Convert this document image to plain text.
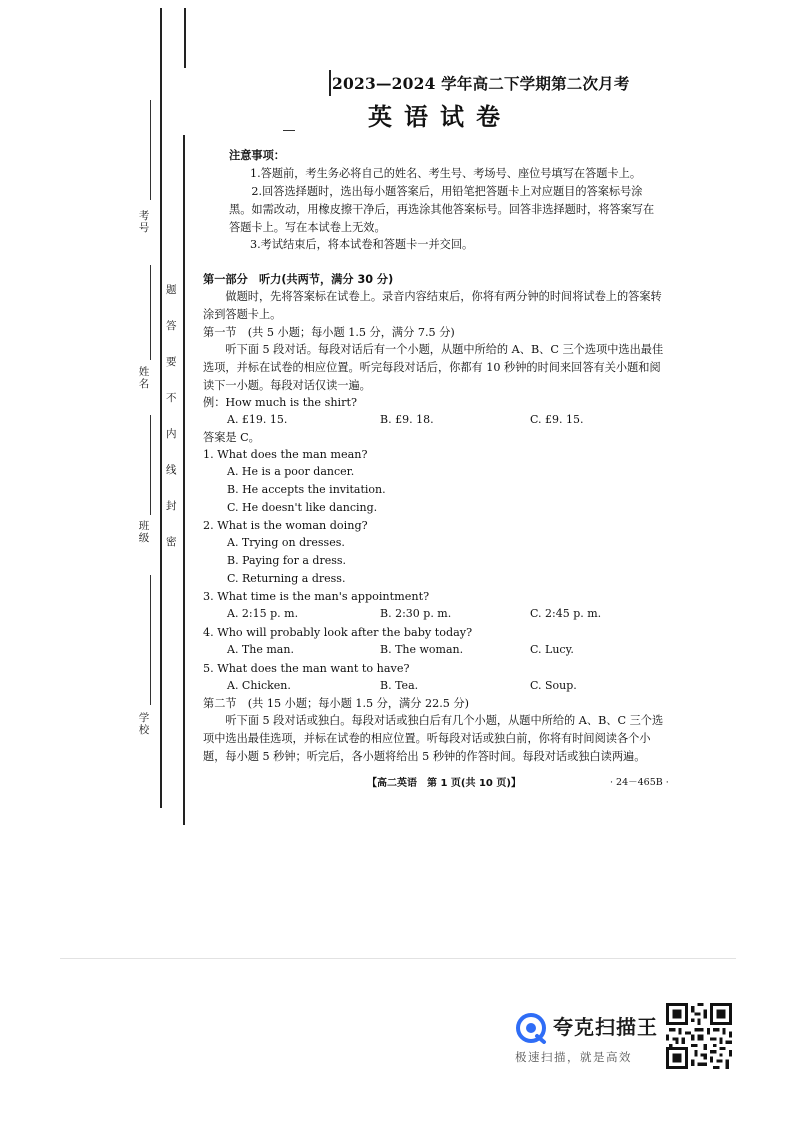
考号
姓名
班级
学校
题
答
要
不
内
线
封
密
2023—2024 学年高二下学期第二次月考
英语试卷
注意事项：
1.答题前，考生务必将自己的姓名、考生号、考场号、座位号填写在答题卡上。
2.回答选择题时，选出每小题答案后，用铅笔把答题卡上对应题目的答案标号涂黑。如需改动，用橡皮擦干净后，再选涂其他答案标号。回答非选择题时，将答案写在答题卡上。写在本试卷上无效。
3.考试结束后，将本试卷和答题卡一并交回。
第一部分　听力(共两节，满分 30 分)
做题时，先将答案标在试卷上。录音内容结束后，你将有两分钟的时间将试卷上的答案转涂到答题卡上。
第一节　(共 5 小题；每小题 1.5 分，满分 7.5 分)
听下面 5 段对话。每段对话后有一个小题，从题中所给的 A、B、C 三个选项中选出最佳选项，并标在试卷的相应位置。听完每段对话后，你都有 10 秒钟的时间来回答有关小题和阅读下一小题。每段对话仅读一遍。
例：How much is the shirt?
A. £19. 15.	B. £9. 18.	C. £9. 15.
答案是 C。
1. What does the man mean?
A. He is a poor dancer.
B. He accepts the invitation.
C. He doesn't like dancing.
2. What is the woman doing?
A. Trying on dresses.
B. Paying for a dress.
C. Returning a dress.
3. What time is the man's appointment?
A. 2:15 p. m.	B. 2:30 p. m.	C. 2:45 p. m.
4. Who will probably look after the baby today?
A. The man.	B. The woman.	C. Lucy.
5. What does the man want to have?
A. Chicken.	B. Tea.	C. Soup.
第二节　(共 15 小题；每小题 1.5 分，满分 22.5 分)
听下面 5 段对话或独白。每段对话或独白后有几个小题，从题中所给的 A、B、C 三个选项中选出最佳选项，并标在试卷的相应位置。听每段对话或独白前，你将有时间阅读各个小题，每小题 5 秒钟；听完后，各小题将给出 5 秒钟的作答时间。每段对话或独白读两遍。
【高二英语　第 1 页(共 10 页)】	· 24－465B ·
夸克扫描王
极速扫描，就是高效
